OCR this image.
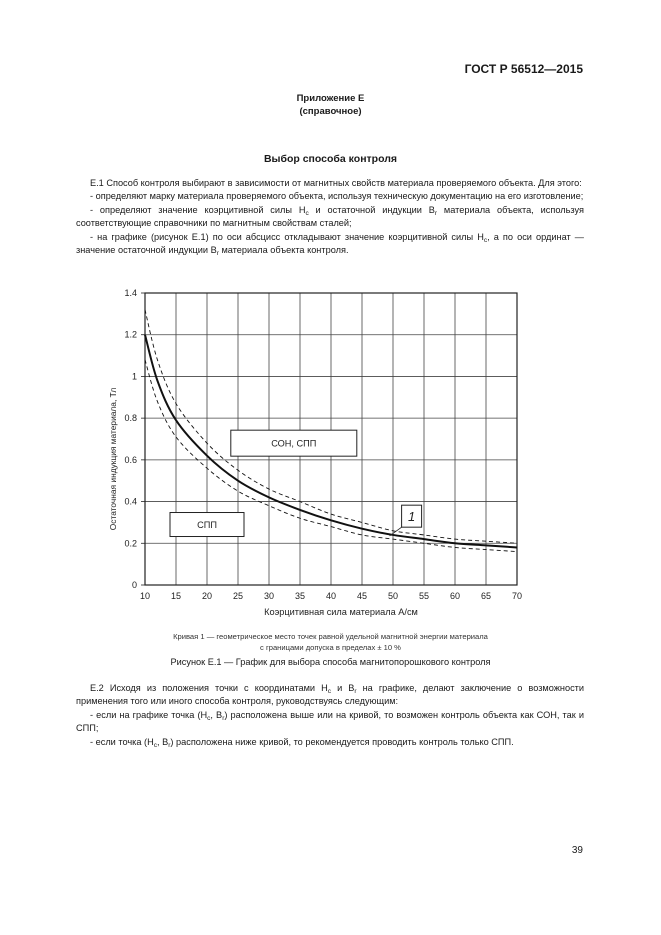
ГОСТ Р 56512—2015
Приложение Е
(справочное)
Выбор способа контроля

Е.1 Способ контроля выбирают в зависимости от магнитных свойств материала проверяемого объекта. Для этого:

- определяют марку материала проверяемого объекта, используя техническую документацию на его изготовление;

- определяют значение коэрцитивной силы $H_c$ и остаточной индукции $B_r$ материала объекта, используя соответствующие справочники по магнитным свойствам сталей;

- на графике (рисунок Е.1) по оси абсцисс откладывают значение коэрцитивной силы $H_c$, а по оси ординат — значение остаточной индукции $B_r$ материала объекта контроля.

0
0.2
0.4
0.6
0.8
1
1.2
1.4
10 15 20 25 30 35 40 45 50 55 60 65 70
СОН, СПП
СПП
1
Коэрцитивная сила материала А/см
Остаточная индукция материала, Тл
Кривая 1 — геометрическое место точек равной удельной магнитной энергии материала
с границами допуска в пределах ± 10 %
Рисунок Е.1 — График для выбора способа магнитопорошкового контроля

Е.2 Исходя из положения точки с координатами $H_c$ и $B_r$ на графике, делают заключение о возможности применения того или иного способа контроля, руководствуясь следующим:

- если на графике точка ($H_c$, $B_r$) расположена выше или на кривой, то возможен контроль объекта как СОН, так и СПП;

- если точка ($H_c$, $B_r$) расположена ниже кривой, то рекомендуется проводить контроль только СПП.

39
